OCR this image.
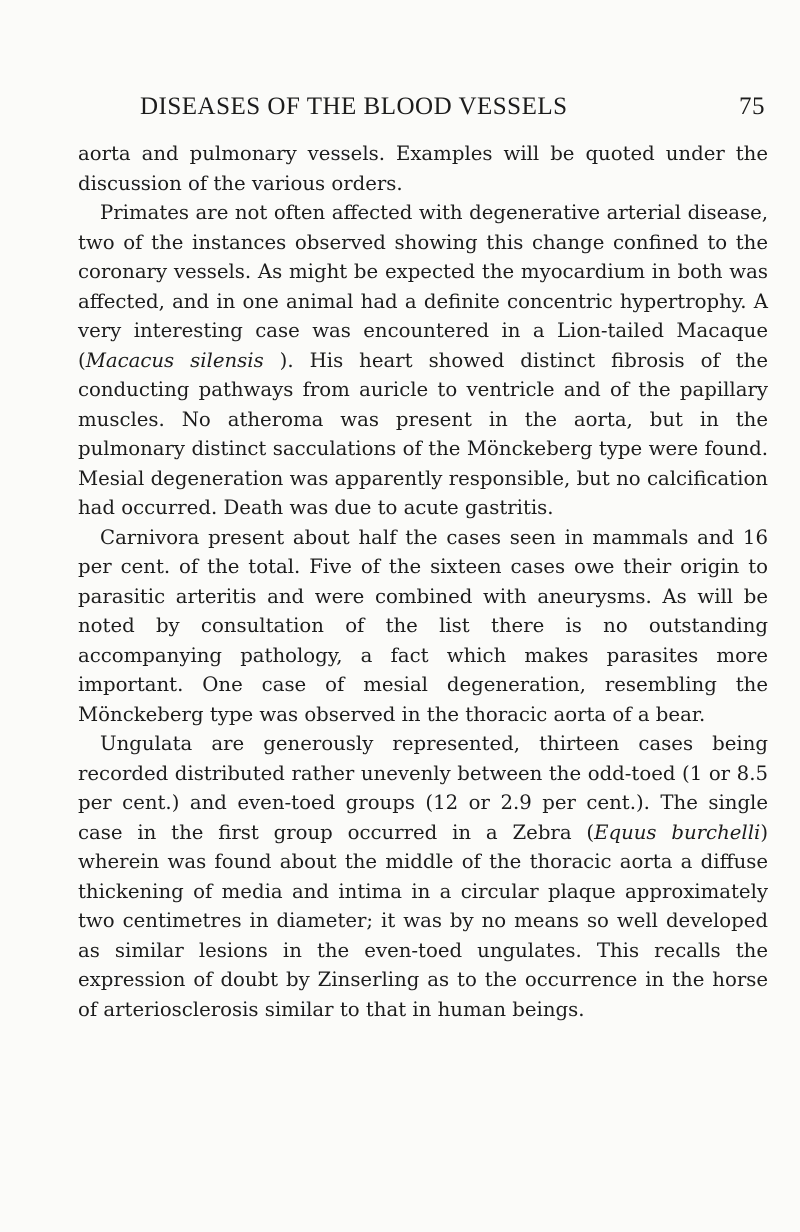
DISEASES OF THE BLOOD VESSELS	75

aorta and pulmonary vessels. Examples will be quoted under the discussion of the various orders.

Primates are not often affected with degenerative arterial disease, two of the instances observed showing this change confined to the coronary vessels. As might be expected the myocardium in both was affected, and in one animal had a definite concentric hypertrophy. A very interesting case was encountered in a Lion-tailed Macaque (Macacus silensis ). His heart showed distinct fibrosis of the conducting pathways from auricle to ventricle and of the papillary muscles. No atheroma was present in the aorta, but in the pulmonary distinct sacculations of the Mönckeberg type were found. Mesial degeneration was apparently responsible, but no calcification had occurred. Death was due to acute gastritis.

Carnivora present about half the cases seen in mammals and 16 per cent. of the total. Five of the sixteen cases owe their origin to parasitic arteritis and were combined with aneurysms. As will be noted by consultation of the list there is no outstanding accompanying pathology, a fact which makes parasites more important. One case of mesial degeneration, resembling the Mönckeberg type was observed in the thoracic aorta of a bear.

Ungulata are generously represented, thirteen cases being recorded distributed rather unevenly between the odd-toed (1 or 8.5 per cent.) and even-toed groups (12 or 2.9 per cent.). The single case in the first group occurred in a Zebra (Equus burchelli) wherein was found about the middle of the thoracic aorta a diffuse thickening of media and intima in a circular plaque approximately two centimetres in diameter; it was by no means so well developed as similar lesions in the even-toed ungulates. This recalls the expression of doubt by Zinserling as to the occurrence in the horse of arteriosclerosis similar to that in human beings.
